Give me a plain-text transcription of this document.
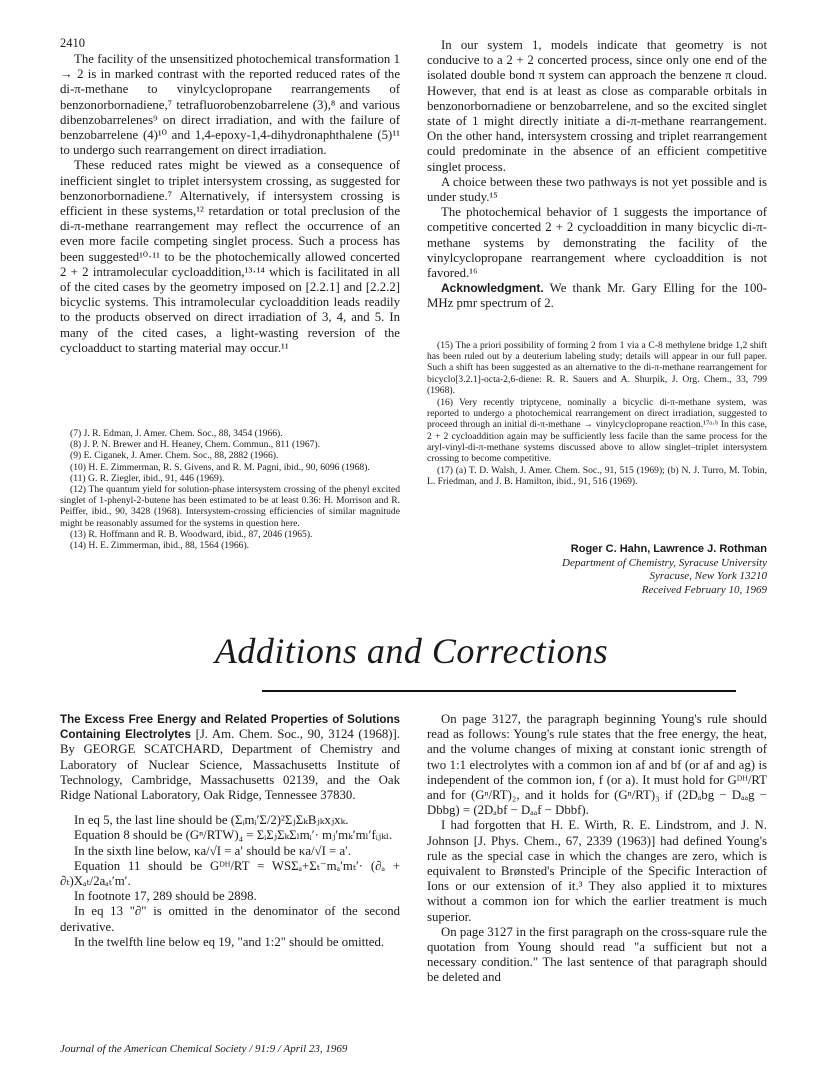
2410

The facility of the unsensitized photochemical transformation 1 → 2 is in marked contrast with the reported reduced rates of the di-π-methane to vinylcyclopropane rearrangements of benzonorbornadiene,⁷ tetrafluorobenzobarrelene (3),⁸ and various dibenzobarrelenes⁹ on direct irradiation, and with the failure of benzobarrelene (4)¹⁰ and 1,4-epoxy-1,4-dihydronaphthalene (5)¹¹ to undergo such rearrangement on direct irradiation.

These reduced rates might be viewed as a consequence of inefficient singlet to triplet intersystem crossing, as suggested for benzonorbornadiene.⁷ Alternatively, if intersystem crossing is efficient in these systems,¹² retardation or total preclusion of the di-π-methane rearrangement may reflect the occurrence of an even more facile competing singlet process. Such a process has been suggested¹⁰·¹¹ to be the photochemically allowed concerted 2 + 2 intramolecular cycloaddition,¹³·¹⁴ which is facilitated in all of the cited cases by the geometry imposed on [2.2.1] and [2.2.2] bicyclic systems. This intramolecular cycloaddition leads readily to the products observed on direct irradiation of 3, 4, and 5. In many of the cited cases, a light-wasting reversion of the cycloadduct to starting material may occur.¹¹

(7) J. R. Edman, J. Amer. Chem. Soc., 88, 3454 (1966).

(8) J. P. N. Brewer and H. Heaney, Chem. Commun., 811 (1967).

(9) E. Ciganek, J. Amer. Chem. Soc., 88, 2882 (1966).

(10) H. E. Zimmerman, R. S. Givens, and R. M. Pagni, ibid., 90, 6096 (1968).

(11) G. R. Ziegler, ibid., 91, 446 (1969).

(12) The quantum yield for solution-phase intersystem crossing of the phenyl excited singlet of 1-phenyl-2-butene has been estimated to be at least 0.36: H. Morrison and R. Peiffer, ibid., 90, 3428 (1968). Intersystem-crossing efficiencies of similar magnitude might be reasonably assumed for the systems in question here.

(13) R. Hoffmann and R. B. Woodward, ibid., 87, 2046 (1965).

(14) H. E. Zimmerman, ibid., 88, 1564 (1966).

In our system 1, models indicate that geometry is not conducive to a 2 + 2 concerted process, since only one end of the isolated double bond π system can approach the benzene π cloud. However, that end is at least as close as comparable orbitals in benzonorbornadiene or benzobarrelene, and so the excited singlet state of 1 might directly initiate a di-π-methane rearrangement. On the other hand, intersystem crossing and triplet rearrangement could predominate in the absence of an efficient competitive singlet process.

A choice between these two pathways is not yet possible and is under study.¹⁵

The photochemical behavior of 1 suggests the importance of competitive concerted 2 + 2 cycloaddition in many bicyclic di-π-methane systems by demonstrating the facility of the vinylcyclopropane rearrangement where cycloaddition is not favored.¹⁶

Acknowledgment. We thank Mr. Gary Elling for the 100-MHz pmr spectrum of 2.

(15) The a priori possibility of forming 2 from 1 via a C-8 methylene bridge 1,2 shift has been ruled out by a deuterium labeling study; details will appear in our full paper. Such a shift has been suggested as an alternative to the di-π-methane rearrangement for bicyclo[3.2.1]-octa-2,6-diene: R. R. Sauers and A. Shurpik, J. Org. Chem., 33, 799 (1968).

(16) Very recently triptycene, nominally a bicyclic di-π-methane system, was reported to undergo a photochemical rearrangement on direct irradiation, suggested to proceed through an initial di-π-methane → vinylcyclopropane reaction.¹⁷ᵃ·ᵇ In this case, 2 + 2 cycloaddition again may be sufficiently less facile than the same process for the aryl-vinyl-di-π-methane systems discussed above to allow singlet–triplet intersystem crossing to become competitive.

(17) (a) T. D. Walsh, J. Amer. Chem. Soc., 91, 515 (1969); (b) N. J. Turro, M. Tobin, L. Friedman, and J. B. Hamilton, ibid., 91, 516 (1969).

Roger C. Hahn, Lawrence J. Rothman
Department of Chemistry, Syracuse University
Syracuse, New York 13210
Received February 10, 1969
Additions and Corrections

The Excess Free Energy and Related Properties of Solutions Containing Electrolytes [J. Am. Chem. Soc., 90, 3124 (1968)]. By GEORGE SCATCHARD, Department of Chemistry and Laboratory of Nuclear Science, Massachusetts Institute of Technology, Cambridge, Massachusetts 02139, and the Oak Ridge National Laboratory, Oak Ridge, Tennessee 37830.

In eq 5, the last line should be (ΣᵢmᵢʹΣ/2)²ΣⱼΣₖBⱼₖxⱼxₖ.

Equation 8 should be (Gⁿ/RTW)₄ = ΣᵢΣⱼΣₖΣₗmᵢʹ· mⱼʹmₖʹmₗʹfᵢⱼₖₗ.

In the sixth line below, κa/√I = aʹ should be κa/√I = aʹ.

Equation 11 should be Gᴰᴴ/RT = WSΣₐ+Σₜ⁻mₐʹmₜʹ· (∂ₐ + ∂ₜ)Xₐₜ/2aₐₜʹmʹ.

In footnote 17, 289 should be 2898.

In eq 13 "∂" is omitted in the denominator of the second derivative.

In the twelfth line below eq 19, "and 1:2" should be omitted.

On page 3127, the paragraph beginning Young's rule should read as follows: Young's rule states that the free energy, the heat, and the volume changes of mixing at constant ionic strength of two 1:1 electrolytes with a common ion af and bf (or af and ag) is independent of the common ion, f (or a). It must hold for Gᴰᴴ/RT and for (Gⁿ/RT)₂, and it holds for (Gⁿ/RT)₃ if (2Dₐbg − Dₐₐg − Dbbg) = (2Dₐbf − Dₐₐf − Dbbf).

I had forgotten that H. E. Wirth, R. E. Lindstrom, and J. N. Johnson [J. Phys. Chem., 67, 2339 (1963)] had defined Young's rule as the special case in which the changes are zero, which is equivalent to Brønsted's Principle of the Specific Interaction of Ions or our extension of it.³ They also applied it to mixtures without a common ion for which the earlier treatment is much superior.

On page 3127 in the first paragraph on the cross-square rule the quotation from Young should read "a sufficient but not a necessary condition." The last sentence of that paragraph should be deleted and

Journal of the American Chemical Society / 91:9 / April 23, 1969
